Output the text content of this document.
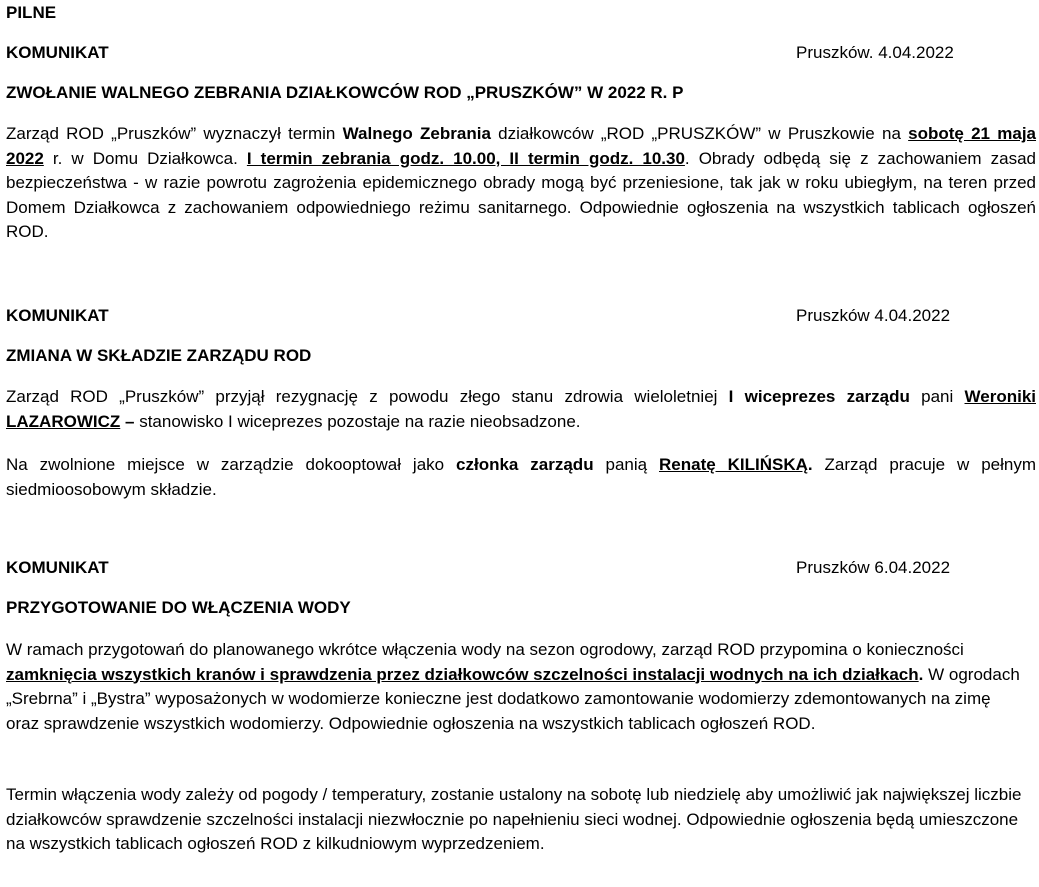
PILNE
KOMUNIKAT	Pruszków. 4.04.2022
ZWOŁANIE WALNEGO ZEBRANIA DZIAŁKOWCÓW ROD „PRUSZKÓW” W 2022 R. P
Zarząd ROD „Pruszków” wyznaczył termin Walnego Zebrania działkowców „ROD „PRUSZKÓW” w Pruszkowie na sobotę 21 maja 2022 r. w Domu Działkowca. I termin zebrania godz. 10.00, II termin godz. 10.30. Obrady odbędą się z zachowaniem zasad bezpieczeństwa - w razie powrotu zagrożenia epidemicznego obrady mogą być przeniesione, tak jak w roku ubiegłym, na teren przed Domem Działkowca z zachowaniem odpowiedniego reżimu sanitarnego. Odpowiednie ogłoszenia na wszystkich tablicach ogłoszeń ROD.
KOMUNIKAT	Pruszków 4.04.2022
ZMIANA W SKŁADZIE ZARZĄDU ROD
Zarząd ROD „Pruszków” przyjął rezygnację z powodu złego stanu zdrowia wieloletniej I wiceprezes zarządu pani Weroniki LAZAROWICZ – stanowisko I wiceprezes pozostaje na razie nieobsadzone.
Na zwolnione miejsce w zarządzie dokooptował jako członka zarządu panią Renatę KILIŃSKĄ. Zarząd pracuje w pełnym siedmioosobowym składzie.
KOMUNIKAT	Pruszków 6.04.2022
PRZYGOTOWANIE DO WŁĄCZENIA WODY
W ramach przygotowań do planowanego wkrótce włączenia wody na sezon ogrodowy, zarząd ROD przypomina o konieczności zamknięcia wszystkich kranów i sprawdzenia przez działkowców szczelności instalacji wodnych na ich działkach. W ogrodach „Srebrna” i „Bystra” wyposażonych w wodomierze konieczne jest dodatkowo zamontowanie wodomierzy zdemontowanych na zimę oraz sprawdzenie wszystkich wodomierzy. Odpowiednie ogłoszenia na wszystkich tablicach ogłoszeń ROD.
Termin włączenia wody zależy od pogody / temperatury, zostanie ustalony na sobotę lub niedzielę aby umożliwić jak największej liczbie działkowców sprawdzenie szczelności instalacji niezwłocznie po napełnieniu sieci wodnej. Odpowiednie ogłoszenia będą umieszczone na wszystkich tablicach ogłoszeń ROD z kilkudniowym wyprzedzeniem.
